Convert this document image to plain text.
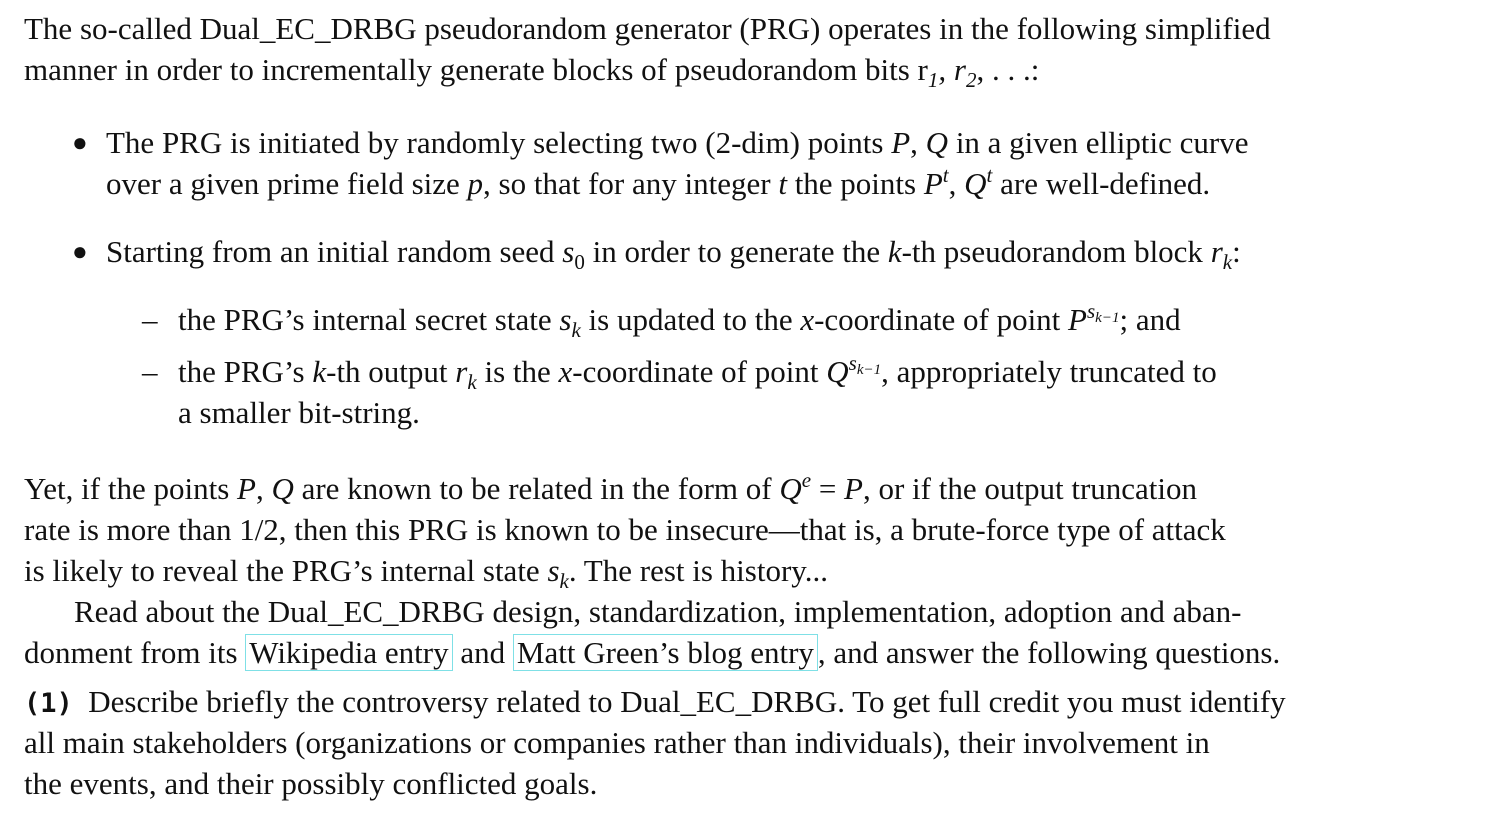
The so-called Dual_EC_DRBG pseudorandom generator (PRG) operates in the following simplified
manner in order to incrementally generate blocks of pseudorandom bits $r_1$, $r_2$, . . .:
● The PRG is initiated by randomly selecting two (2-dim) points P, Q in a given elliptic curve
over a given prime field size p, so that for any integer t the points $P^t$, $Q^t$ are well-defined.
● Starting from an initial random seed $s_0$ in order to generate the k-th pseudorandom block $r_k$:
– the PRG’s internal secret state $s_k$ is updated to the x-coordinate of point $P^{s_{k-1}}$; and
– the PRG’s k-th output $r_k$ is the x-coordinate of point $Q^{s_{k-1}}$, appropriately truncated to
a smaller bit-string.
Yet, if the points P, Q are known to be related in the form of $Q^e = P$, or if the output truncation
rate is more than 1/2, then this PRG is known to be insecure—that is, a brute-force type of attack
is likely to reveal the PRG’s internal state $s_k$. The rest is history...
Read about the Dual_EC_DRBG design, standardization, implementation, adoption and aban-
donment from its Wikipedia entry and Matt Green’s blog entry , and answer the following questions.
(1) Describe briefly the controversy related to Dual_EC_DRBG. To get full credit you must identify
all main stakeholders (organizations or companies rather than individuals), their involvement in
the events, and their possibly conflicted goals.
